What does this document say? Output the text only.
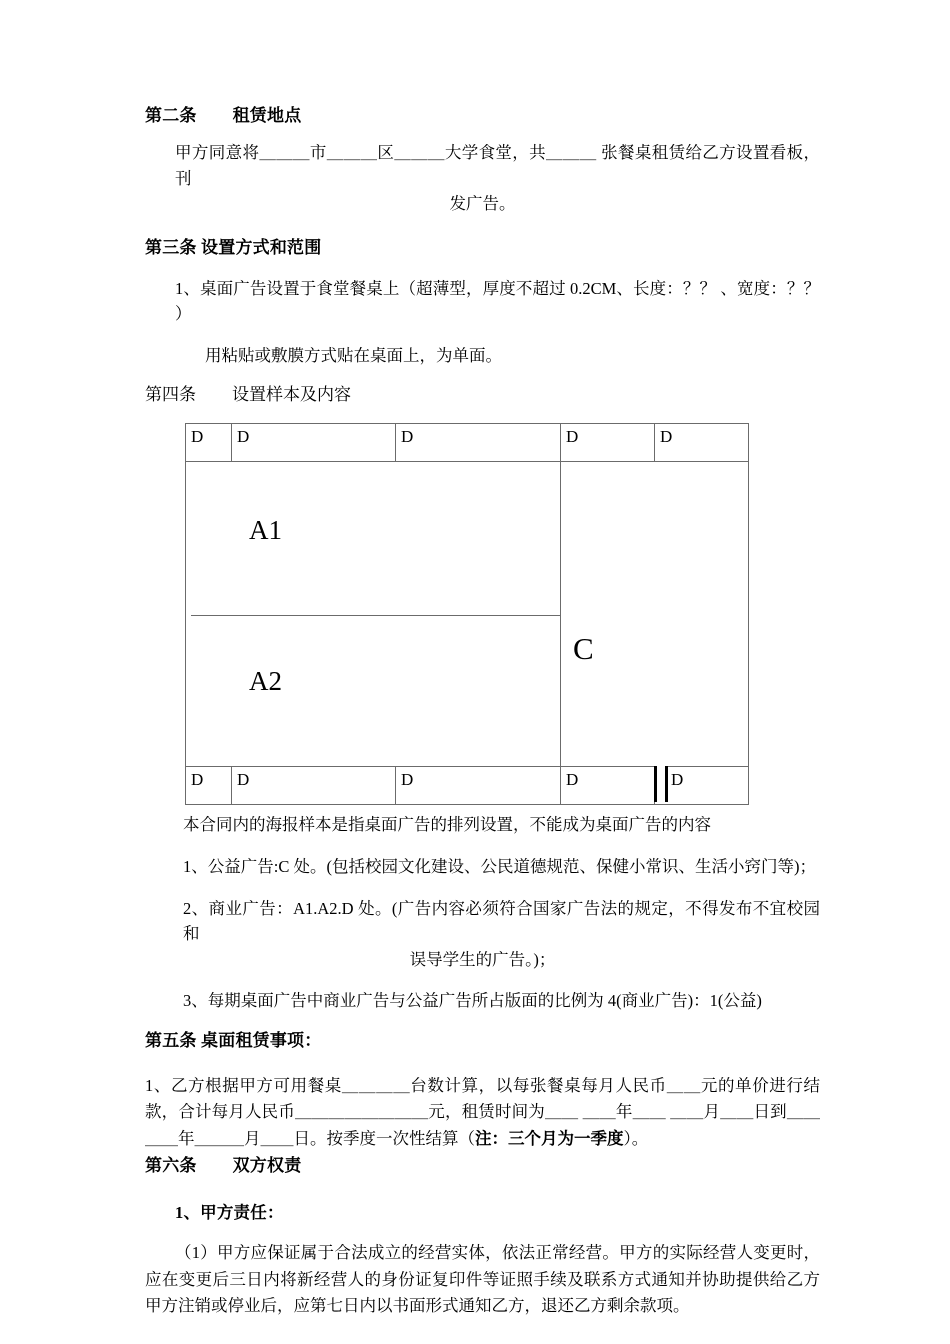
第二条 租赁地点
甲方同意将＿＿＿市＿＿＿区＿＿＿大学食堂，共＿＿＿ 张餐桌租赁给乙方设置看板，刊
发广告。
第三条 设置方式和范围
1、桌面广告设置于食堂餐桌上（超薄型，厚度不超过 0.2CM、长度：？？ 、宽度：？？ ）
用粘贴或敷膜方式贴在桌面上，为单面。
第四条 设置样本及内容
D	D	D	D	D

A1

A2

C

D	D	D	D	D
本合同内的海报样本是指桌面广告的排列设置，不能成为桌面广告的内容
1、公益广告:C 处。(包括校园文化建设、公民道德规范、保健小常识、生活小窍门等)；
2、商业广告：A1.A2.D 处。(广告内容必须符合国家广告法的规定，不得发布不宜校园和
误导学生的广告。)；
3、每期桌面广告中商业广告与公益广告所占版面的比例为 4(商业广告)：1(公益)
第五条 桌面租赁事项：
1、乙方根据甲方可用餐桌＿＿＿＿台数计算，以每张餐桌每月人民币＿＿元的单价进行结款，合计每月人民币＿＿＿＿＿＿＿＿元，租赁时间为＿＿ ＿＿年＿＿ ＿＿月＿＿日到＿＿ ＿＿年＿＿＿月＿＿日。按季度一次性结算（注：三个月为一季度）。
第六条 双方权责
1、甲方责任：
（1）甲方应保证属于合法成立的经营实体，依法正常经营。甲方的实际经营人变更时，应在变更后三日内将新经营人的身份证复印件等证照手续及联系方式通知并协助提供给乙方甲方注销或停业后，应第七日内以书面形式通知乙方，退还乙方剩余款项。
